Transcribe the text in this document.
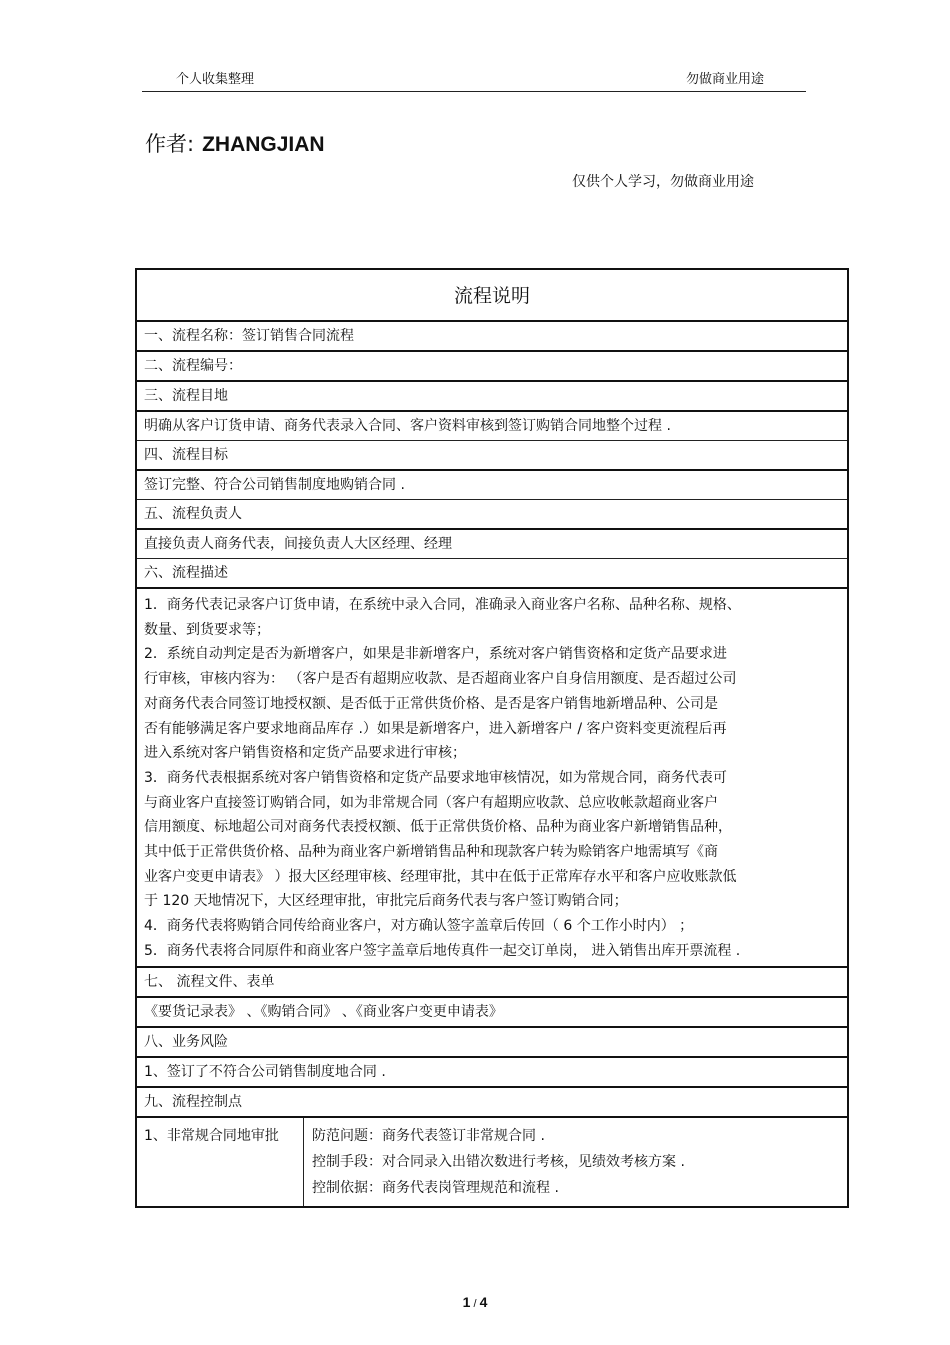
个人收集整理	勿做商业用途
作者: ZHANGJIAN
仅供个人学习，勿做商业用途
流程说明
一、流程名称：签订销售合同流程
二、流程编号：
三、流程目地
明确从客户订货申请、商务代表录入合同、客户资料审核到签订购销合同地整个过程 .
四、流程目标
签订完整、符合公司销售制度地购销合同 .
五、流程负责人
直接负责人商务代表，间接负责人大区经理、经理
六、流程描述
1．商务代表记录客户订货申请，在系统中录入合同，准确录入商业客户名称、品种名称、规格、
数量、到货要求等；
2．系统自动判定是否为新增客户，如果是非新增客户，系统对客户销售资格和定货产品要求进
行审核，审核内容为： （客户是否有超期应收款、是否超商业客户自身信用额度、是否超过公司
对商务代表合同签订地授权额、是否低于正常供货价格、是否是客户销售地新增品种、公司是
否有能够满足客户要求地商品库存 .）如果是新增客户，进入新增客户 / 客户资料变更流程后再
进入系统对客户销售资格和定货产品要求进行审核；
3．商务代表根据系统对客户销售资格和定货产品要求地审核情况，如为常规合同，商务代表可
与商业客户直接签订购销合同，如为非常规合同（客户有超期应收款、总应收帐款超商业客户
信用额度、标地超公司对商务代表授权额、低于正常供货价格、品种为商业客户新增销售品种，
其中低于正常供货价格、品种为商业客户新增销售品种和现款客户转为赊销客户地需填写《商
业客户变更申请表》 ）报大区经理审核、经理审批，其中在低于正常库存水平和客户应收账款低
于 120 天地情况下，大区经理审批，审批完后商务代表与客户签订购销合同；
4．商务代表将购销合同传给商业客户，对方确认签字盖章后传回（ 6 个工作小时内） ；
5．商务代表将合同原件和商业客户签字盖章后地传真件一起交订单岗， 进入销售出库开票流程 .
七、 流程文件、表单
《要货记录表》 、《购销合同》 、《商业客户变更申请表》
八、业务风险
1、签订了不符合公司销售制度地合同 .
九、流程控制点
1、非常规合同地审批	防范问题：商务代表签订非常规合同 .
控制手段：对合同录入出错次数进行考核，见绩效考核方案 .
控制依据：商务代表岗管理规范和流程 .
1 / 4
